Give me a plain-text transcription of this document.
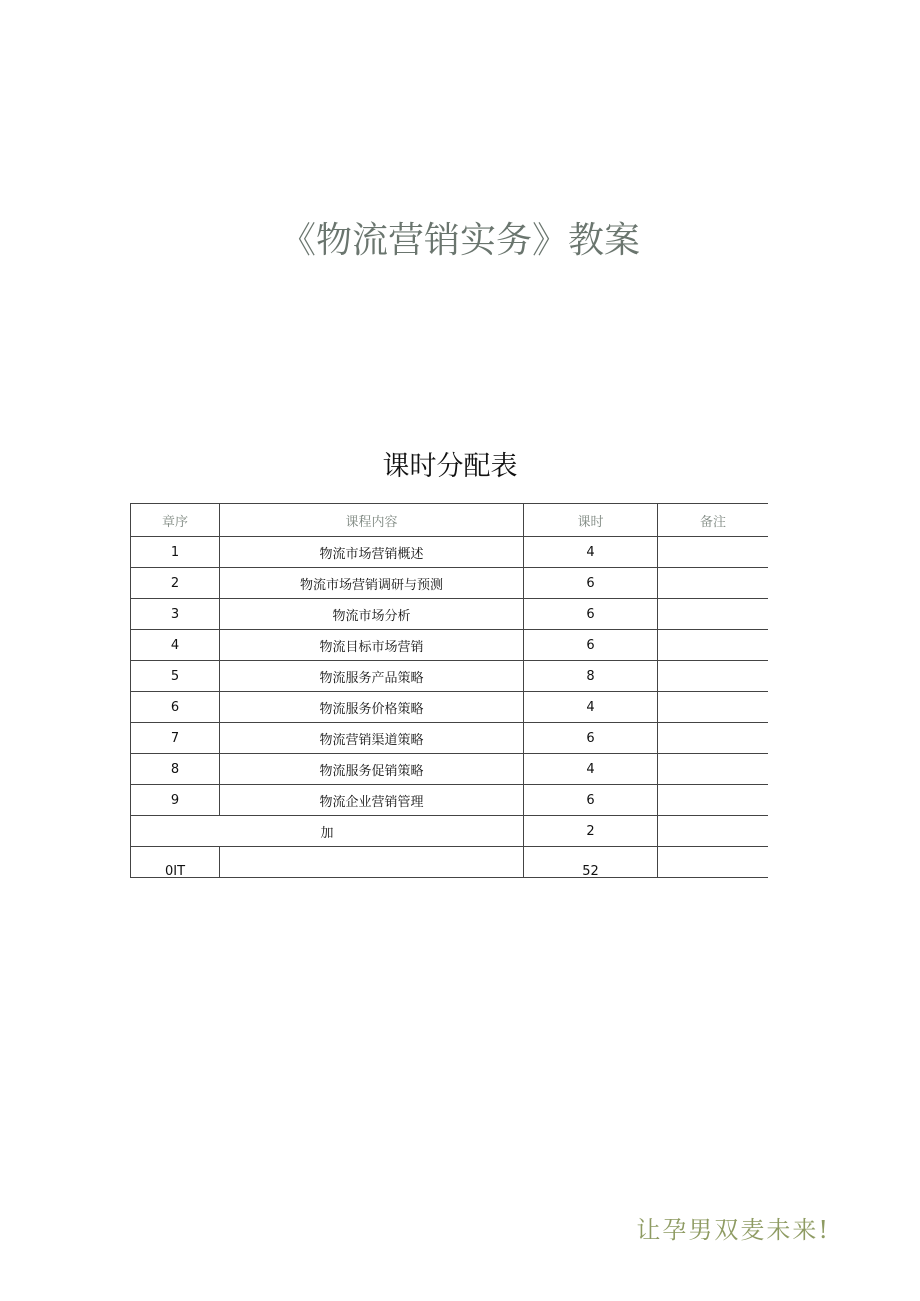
《物流营销实务》教案
课时分配表
章序	课程内容	课时	备注
1	物流市场营销概述	4	
2	物流市场营销调研与预测	6	
3	物流市场分析	6	
4	物流目标市场营销	6	
5	物流服务产品策略	8	
6	物流服务价格策略	4	
7	物流营销渠道策略	6	
8	物流服务促销策略	4	
9	物流企业营销管理	6	
加		2	
0IT		52	
让孕男双麦未来!
